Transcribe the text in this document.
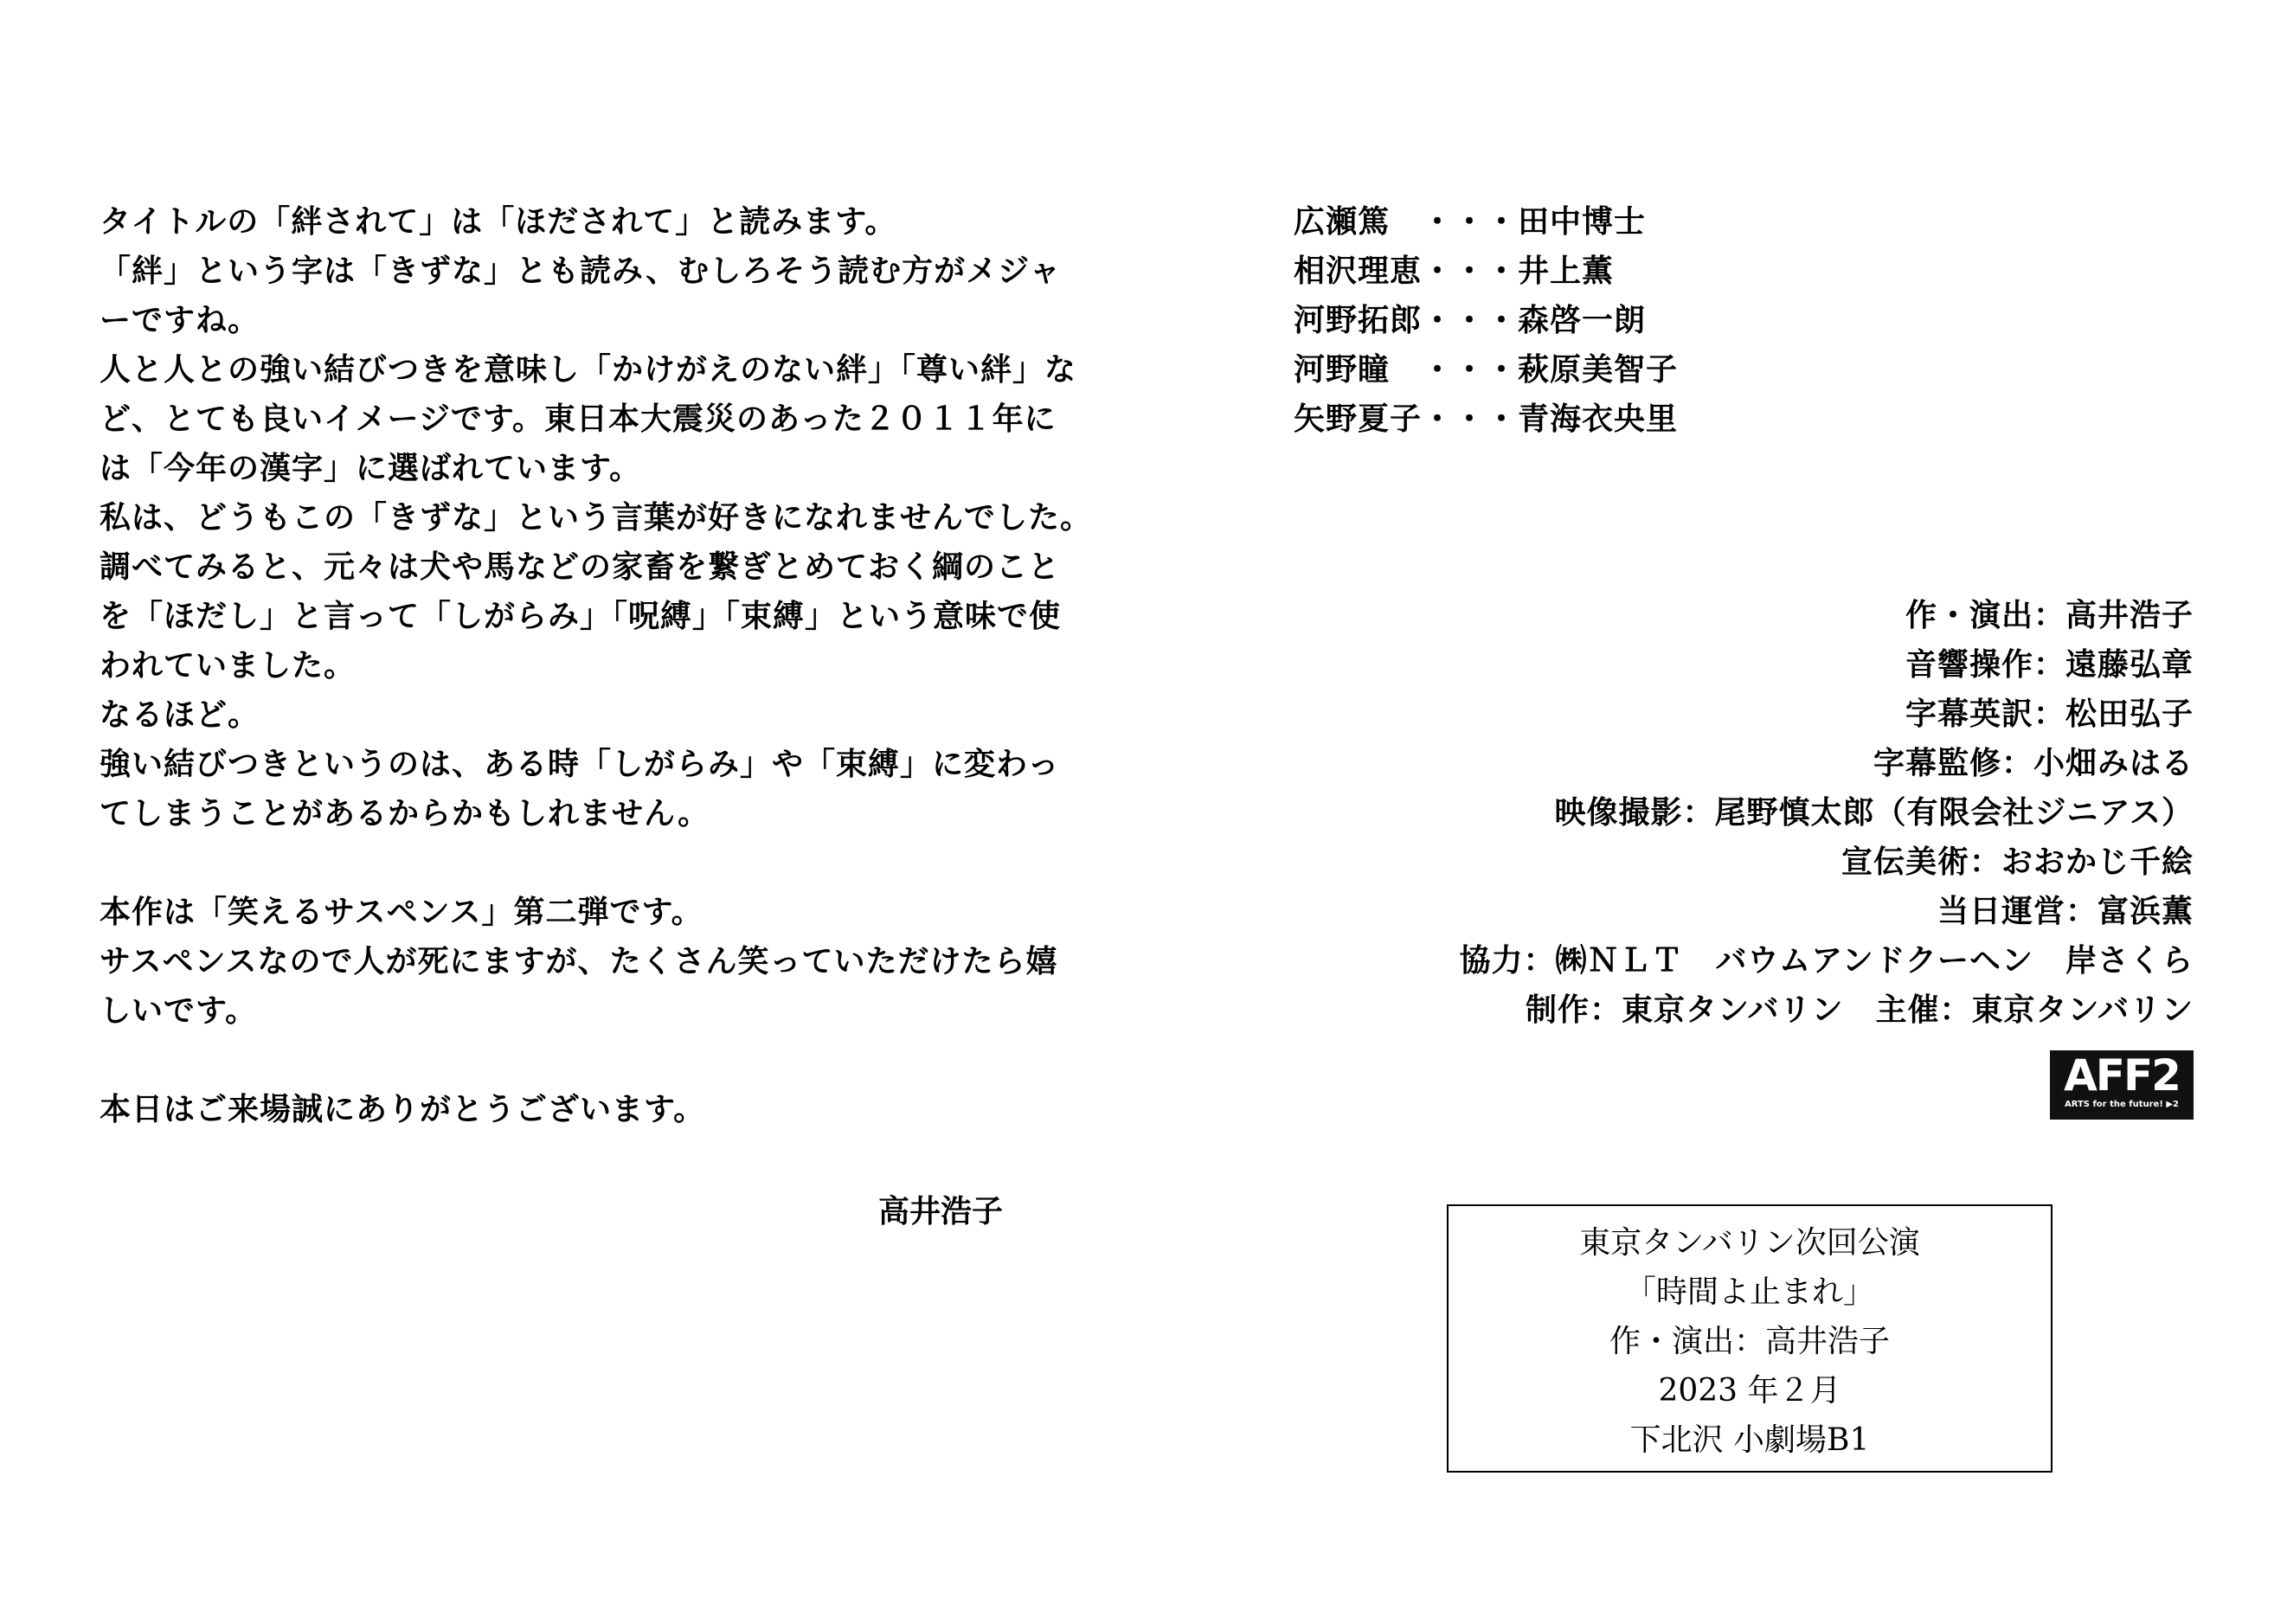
タイトルの「絆されて」は「ほだされて」と読みます。
「絆」という字は「きずな」とも読み、むしろそう読む方がメジャ
ーですね。
人と人との強い結びつきを意味し「かけがえのない絆」「尊い絆」な
ど、とても良いイメージです。東日本大震災のあった２０１１年に
は「今年の漢字」に選ばれています。
私は、どうもこの「きずな」という言葉が好きになれませんでした。
調べてみると、元々は犬や馬などの家畜を繋ぎとめておく綱のこと
を「ほだし」と言って「しがらみ」「呪縛」「束縛」という意味で使
われていました。
なるほど。
強い結びつきというのは、ある時「しがらみ」や「束縛」に変わっ
てしまうことがあるからかもしれません。
本作は「笑えるサスペンス」第二弾です。
サスペンスなので人が死にますが、たくさん笑っていただけたら嬉
しいです。
本日はご来場誠にありがとうございます。
高井浩子
広瀬篤　・・・田中博士
相沢理恵・・・井上薫
河野拓郎・・・森啓一朗
河野瞳　・・・萩原美智子
矢野夏子・・・青海衣央里
作・演出：高井浩子
音響操作：遠藤弘章
字幕英訳：松田弘子
字幕監修：小畑みはる
映像撮影：尾野慎太郎（有限会社ジニアス）
宣伝美術：おおかじ千絵
当日運営：富浜薫
協力：㈱ＮＬＴ　バウムアンドクーヘン　岸さくら
制作：東京タンバリン　主催：東京タンバリン
AFF2
ARTS for the future! ▶2
東京タンバリン次回公演
「時間よ止まれ」
作・演出：高井浩子
2023 年２月
下北沢 小劇場B1
